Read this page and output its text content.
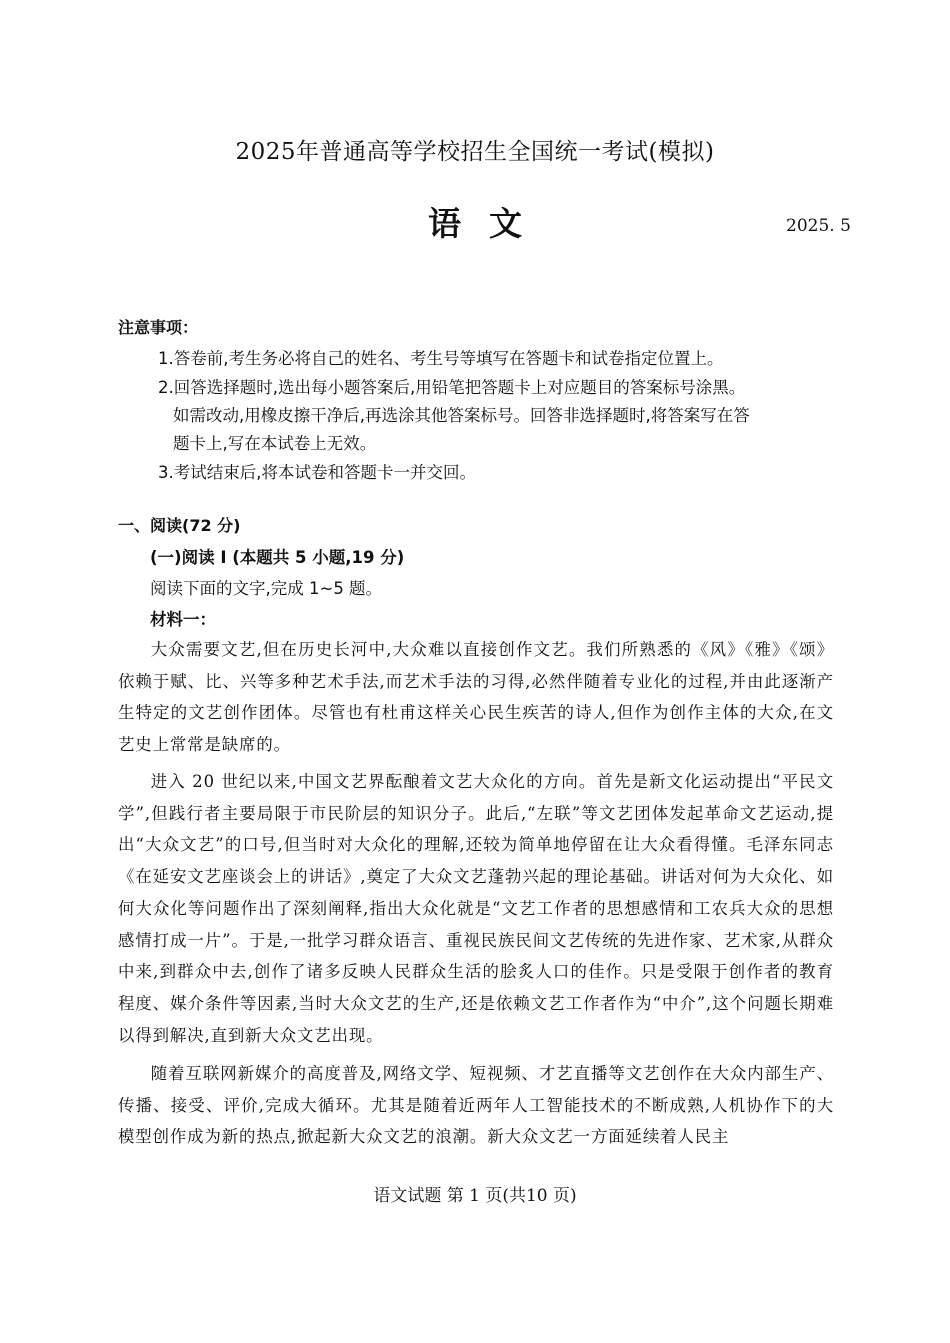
2025年普通高等学校招生全国统一考试(模拟)
语文	2025. 5
注意事项：
1.答卷前,考生务必将自己的姓名、考生号等填写在答题卡和试卷指定位置上。
2.回答选择题时,选出每小题答案后,用铅笔把答题卡上对应题目的答案标号涂黑。
如需改动,用橡皮擦干净后,再选涂其他答案标号。回答非选择题时,将答案写在答
题卡上,写在本试卷上无效。
3.考试结束后,将本试卷和答题卡一并交回。
一、阅读(72 分)
(一)阅读 I (本题共 5 小题,19 分)
阅读下面的文字,完成 1~5 题。
材料一：
大众需要文艺,但在历史长河中,大众难以直接创作文艺。我们所熟悉的《风》《雅》《颂》依赖于赋、比、兴等多种艺术手法,而艺术手法的习得,必然伴随着专业化的过程,并由此逐渐产生特定的文艺创作团体。尽管也有杜甫这样关心民生疾苦的诗人,但作为创作主体的大众,在文艺史上常常是缺席的。
进入 20 世纪以来,中国文艺界酝酿着文艺大众化的方向。首先是新文化运动提出“平民文学”,但践行者主要局限于市民阶层的知识分子。此后,“左联”等文艺团体发起革命文艺运动,提出“大众文艺”的口号,但当时对大众化的理解,还较为简单地停留在让大众看得懂。毛泽东同志《在延安文艺座谈会上的讲话》,奠定了大众文艺蓬勃兴起的理论基础。讲话对何为大众化、如何大众化等问题作出了深刻阐释,指出大众化就是“文艺工作者的思想感情和工农兵大众的思想感情打成一片”。于是,一批学习群众语言、重视民族民间文艺传统的先进作家、艺术家,从群众中来,到群众中去,创作了诸多反映人民群众生活的脍炙人口的佳作。只是受限于创作者的教育程度、媒介条件等因素,当时大众文艺的生产,还是依赖文艺工作者作为“中介”,这个问题长期难以得到解决,直到新大众文艺出现。
随着互联网新媒介的高度普及,网络文学、短视频、才艺直播等文艺创作在大众内部生产、传播、接受、评价,完成大循环。尤其是随着近两年人工智能技术的不断成熟,人机协作下的大模型创作成为新的热点,掀起新大众文艺的浪潮。新大众文艺一方面延续着人民主
语文试题 第 1 页(共10 页)
